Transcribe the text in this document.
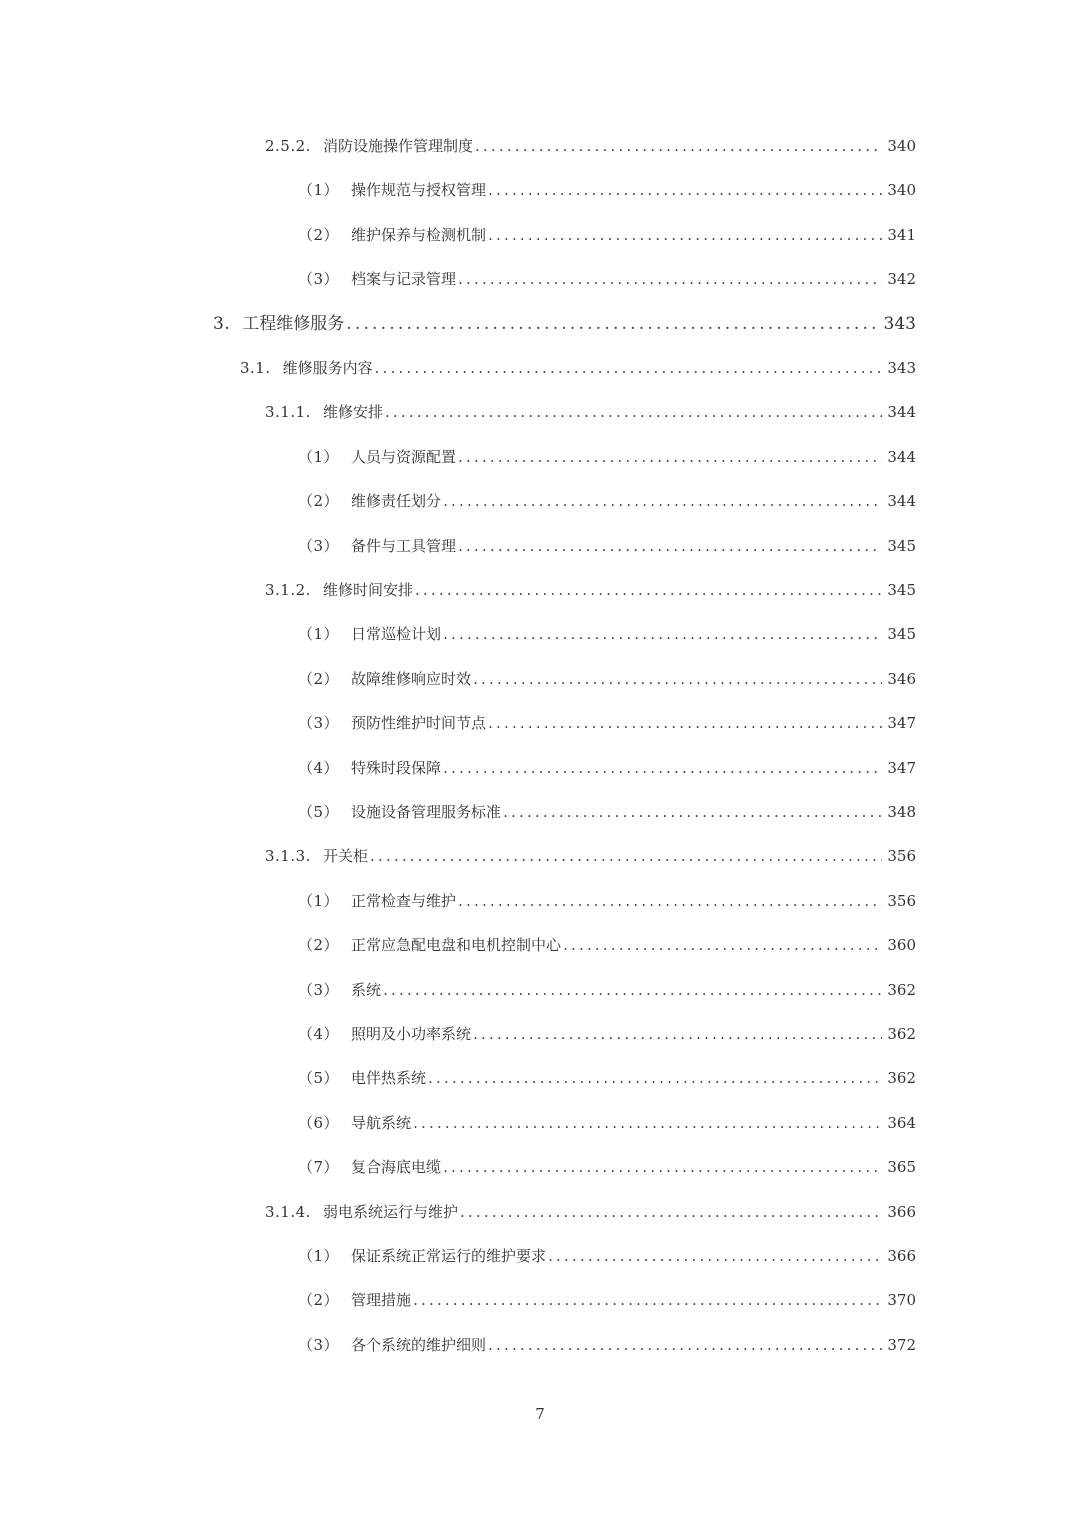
2.5.2. 消防设施操作管理制度 .....	340
（1） 操作规范与授权管理 .....	340
（2） 维护保养与检测机制 .....	341
（3） 档案与记录管理 .....	342
3. 工程维修服务 .....	343
3.1. 维修服务内容 .....	343
3.1.1. 维修安排 .....	344
（1） 人员与资源配置 .....	344
（2） 维修责任划分 .....	344
（3） 备件与工具管理 .....	345
3.1.2. 维修时间安排 .....	345
（1） 日常巡检计划 .....	345
（2） 故障维修响应时效 .....	346
（3） 预防性维护时间节点 .....	347
（4） 特殊时段保障 .....	347
（5） 设施设备管理服务标准 .....	348
3.1.3. 开关柜 .....	356
（1） 正常检查与维护 .....	356
（2） 正常应急配电盘和电机控制中心 .....	360
（3） 系统 .....	362
（4） 照明及小功率系统 .....	362
（5） 电伴热系统 .....	362
（6） 导航系统 .....	364
（7） 复合海底电缆 .....	365
3.1.4. 弱电系统运行与维护 .....	366
（1） 保证系统正常运行的维护要求 .....	366
（2） 管理措施 .....	370
（3） 各个系统的维护细则 .....	372
7
